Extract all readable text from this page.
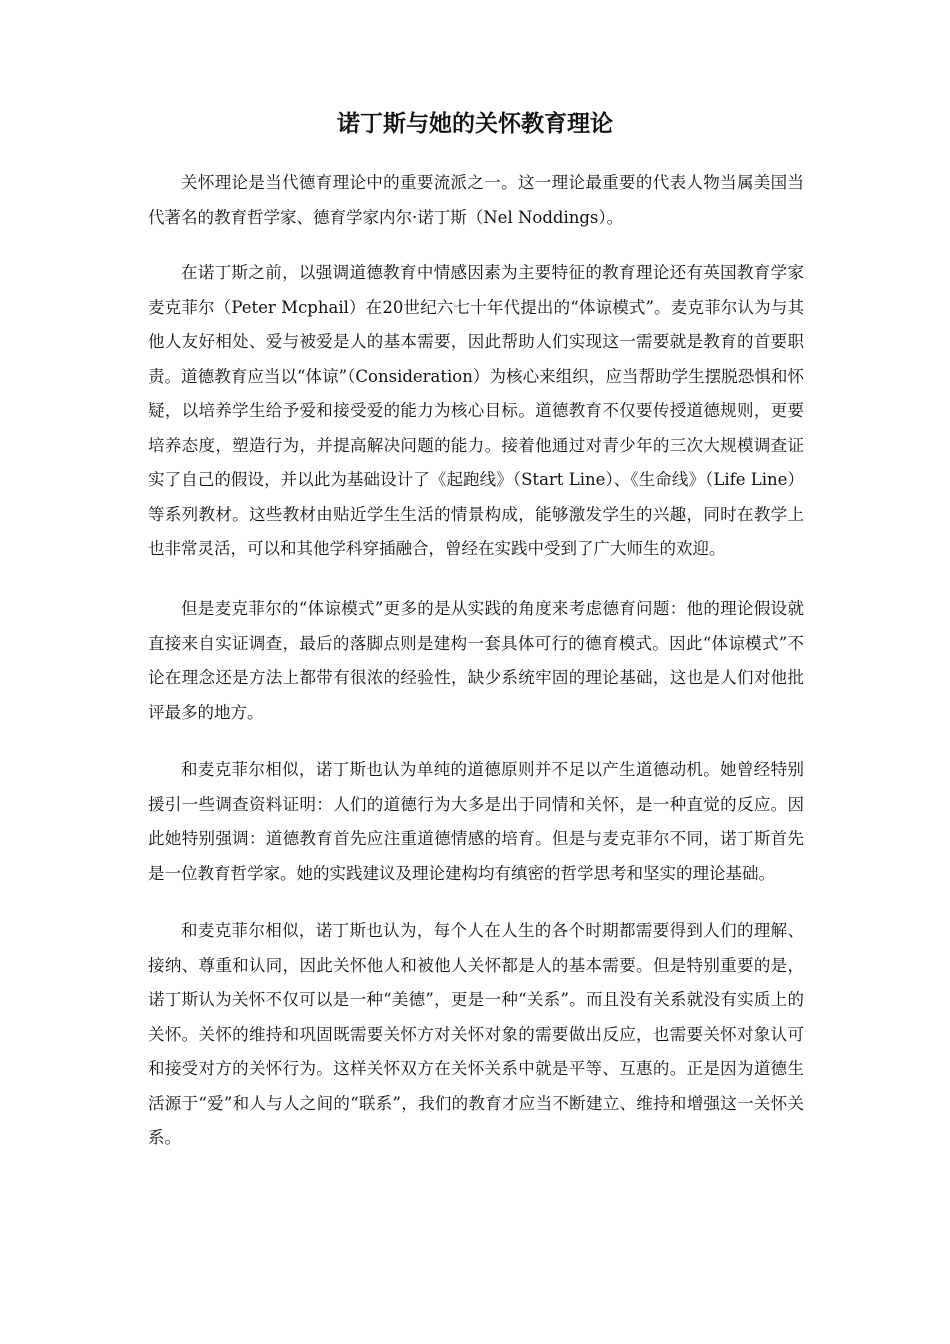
诺丁斯与她的关怀教育理论

关怀理论是当代德育理论中的重要流派之一。这一理论最重要的代表人物当属美国当代著名的教育哲学家、德育学家内尔·诺丁斯（Nel Noddings）。

在诺丁斯之前，以强调道德教育中情感因素为主要特征的教育理论还有英国教育学家麦克菲尔（Peter Mcphail）在20世纪六七十年代提出的“体谅模式”。麦克菲尔认为与其他人友好相处、爱与被爱是人的基本需要，因此帮助人们实现这一需要就是教育的首要职责。道德教育应当以“体谅”（Consideration）为核心来组织，应当帮助学生摆脱恐惧和怀疑，以培养学生给予爱和接受爱的能力为核心目标。道德教育不仅要传授道德规则，更要培养态度，塑造行为，并提高解决问题的能力。接着他通过对青少年的三次大规模调查证实了自己的假设，并以此为基础设计了《起跑线》（Start Line）、《生命线》（Life Line）等系列教材。这些教材由贴近学生生活的情景构成，能够激发学生的兴趣，同时在教学上也非常灵活，可以和其他学科穿插融合，曾经在实践中受到了广大师生的欢迎。

但是麦克菲尔的“体谅模式”更多的是从实践的角度来考虑德育问题：他的理论假设就直接来自实证调查，最后的落脚点则是建构一套具体可行的德育模式。因此“体谅模式”不论在理念还是方法上都带有很浓的经验性，缺少系统牢固的理论基础，这也是人们对他批评最多的地方。

和麦克菲尔相似，诺丁斯也认为单纯的道德原则并不足以产生道德动机。她曾经特别援引一些调查资料证明：人们的道德行为大多是出于同情和关怀，是一种直觉的反应。因此她特别强调：道德教育首先应注重道德情感的培育。但是与麦克菲尔不同，诺丁斯首先是一位教育哲学家。她的实践建议及理论建构均有缜密的哲学思考和坚实的理论基础。

和麦克菲尔相似，诺丁斯也认为，每个人在人生的各个时期都需要得到人们的理解、接纳、尊重和认同，因此关怀他人和被他人关怀都是人的基本需要。但是特别重要的是，诺丁斯认为关怀不仅可以是一种“美德”，更是一种“关系”。而且没有关系就没有实质上的关怀。关怀的维持和巩固既需要关怀方对关怀对象的需要做出反应，也需要关怀对象认可和接受对方的关怀行为。这样关怀双方在关怀关系中就是平等、互惠的。正是因为道德生活源于“爱”和人与人之间的“联系”，我们的教育才应当不断建立、维持和增强这一关怀关系。
